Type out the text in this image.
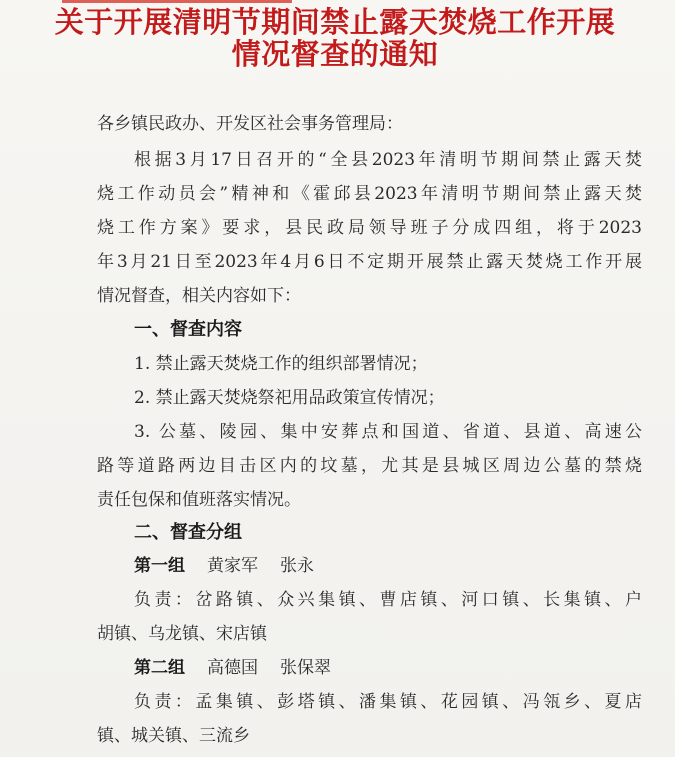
关于开展清明节期间禁止露天焚烧工作开展
情况督查的通知
各乡镇民政办、开发区社会事务管理局：
根据3月17日召开的“全县2023年清明节期间禁止露天焚
烧工作动员会”精神和《霍邱县2023年清明节期间禁止露天焚
烧工作方案》要求，县民政局领导班子分成四组，将于2023
年3月21日至2023年4月6日不定期开展禁止露天焚烧工作开展
情况督查，相关内容如下：
一、督查内容
1. 禁止露天焚烧工作的组织部署情况；
2. 禁止露天焚烧祭祀用品政策宣传情况；
3. 公墓、陵园、集中安葬点和国道、省道、县道、高速公
路等道路两边目击区内的坟墓，尤其是县城区周边公墓的禁烧
责任包保和值班落实情况。
二、督查分组
第一组 黄家军 张永
负责：岔路镇、众兴集镇、曹店镇、河口镇、长集镇、户
胡镇、乌龙镇、宋店镇
第二组 高德国 张保翠
负责：孟集镇、彭塔镇、潘集镇、花园镇、冯瓴乡、夏店
镇、城关镇、三流乡
